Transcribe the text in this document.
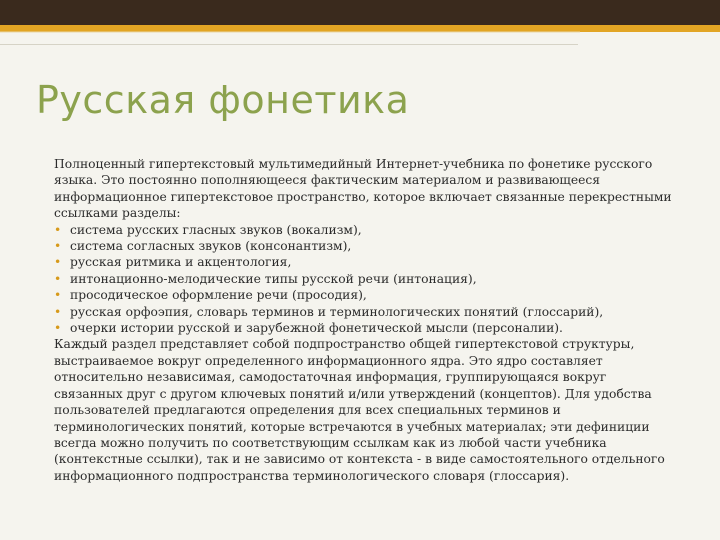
Русская фонетика

Полноценный гипертекстовый мультимедийный Интернет-учебника по фонетике русского языка. Это постоянно пополняющееся фактическим материалом и развивающееся информационное гипертекстовое пространство, которое включает связанные перекрестными ссылками разделы:

• система русских гласных звуков (вокализм),
• система согласных звуков (консонантизм),
• русская ритмика и акцентология,
• интонационно-мелодические типы русской речи (интонация),
• просодическое оформление речи (просодия),
• русская орфоэпия, словарь терминов и терминологических понятий (глоссарий),
• очерки истории русской и зарубежной фонетической мысли (персоналии).

Каждый раздел представляет собой подпространство общей гипертекстовой структуры, выстраиваемое вокруг определенного информационного ядра. Это ядро составляет относительно независимая, самодостаточная информация, группирующаяся вокруг связанных друг с другом ключевых понятий и/или утверждений (концептов). Для удобства пользователей предлагаются определения для всех специальных терминов и терминологических понятий, которые встречаются в учебных материалах; эти дефиниции всегда можно получить по соответствующим ссылкам как из любой части учебника (контекстные ссылки), так и не зависимо от контекста - в виде самостоятельного отдельного информационного подпространства терминологического словаря (глоссария).
